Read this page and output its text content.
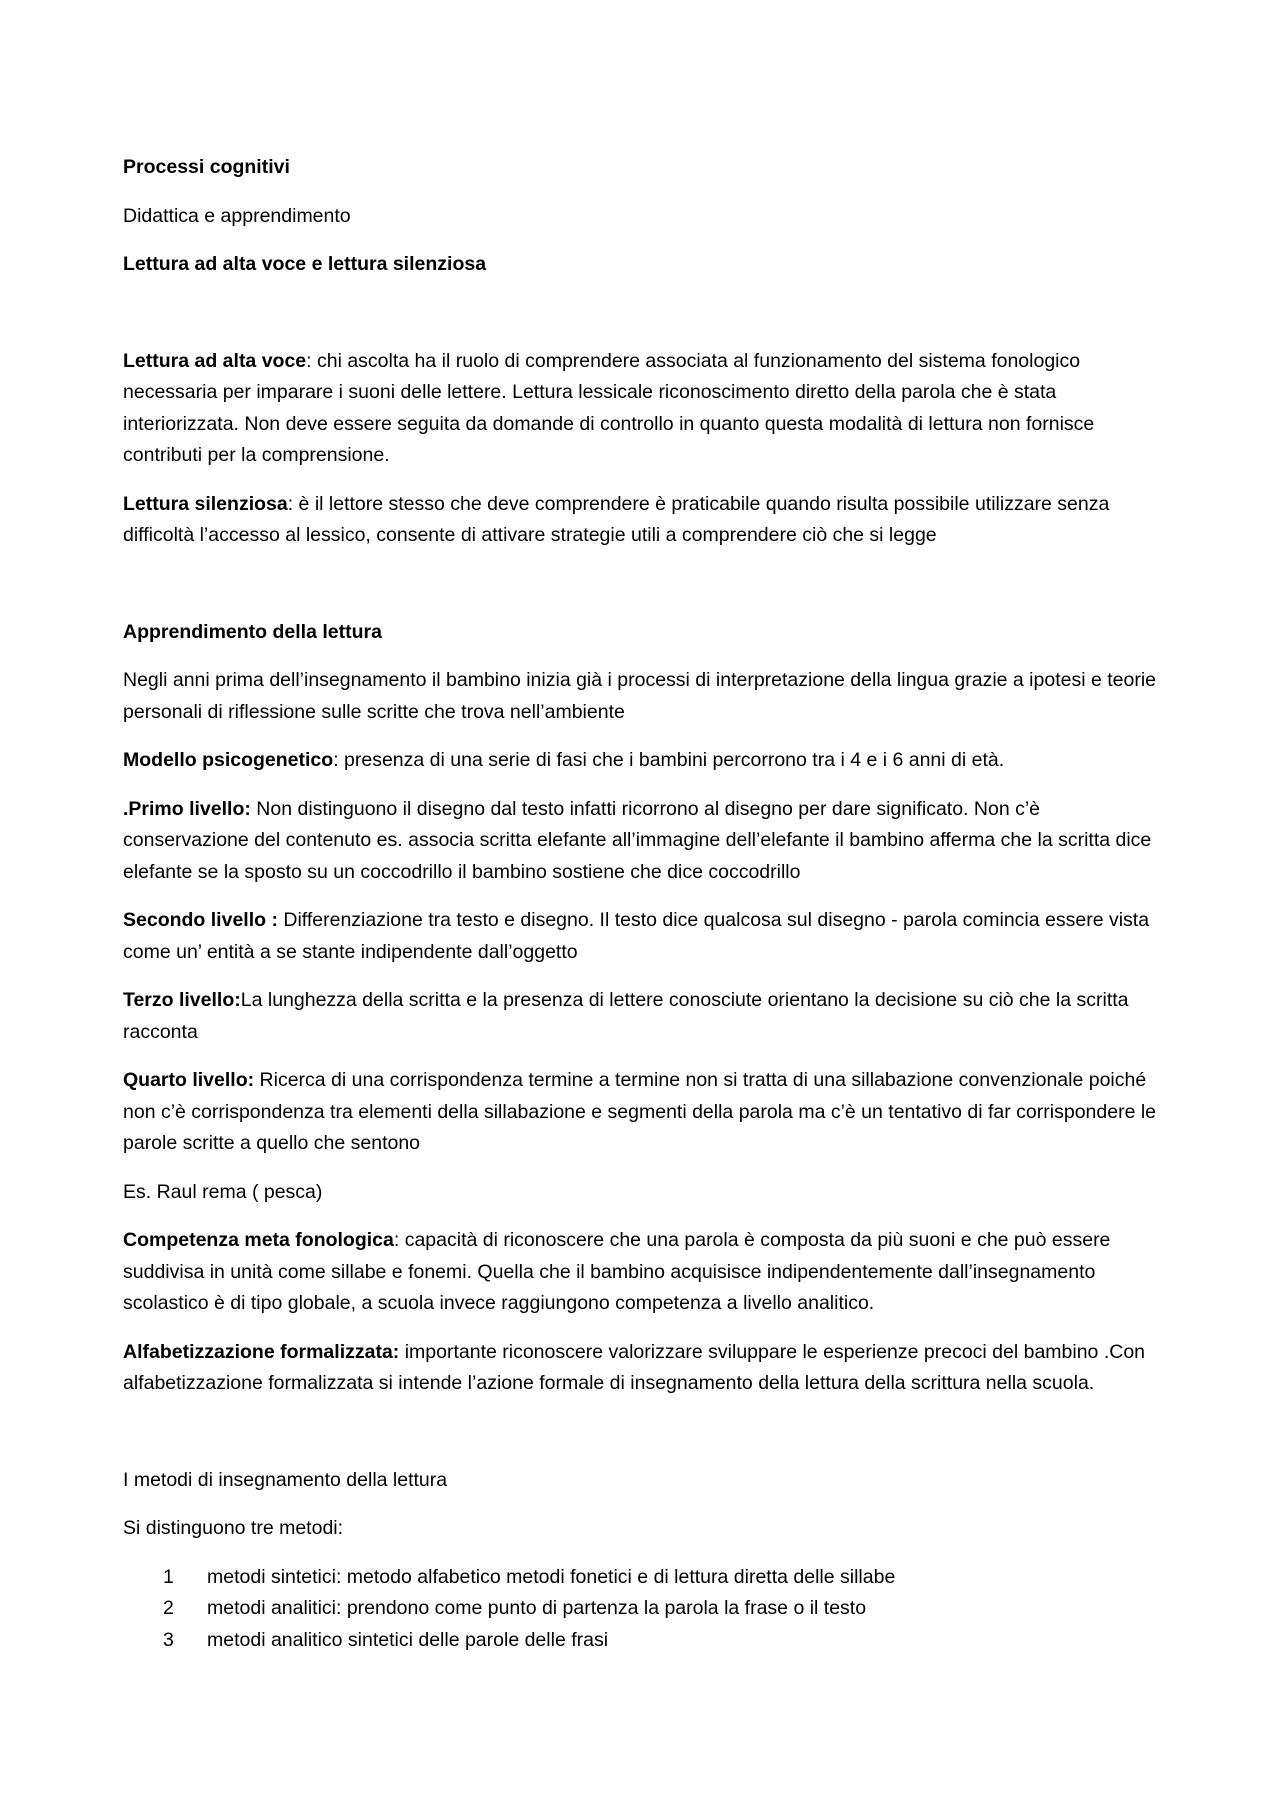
Processi cognitivi

Didattica e apprendimento

Lettura ad alta voce e lettura silenziosa

Lettura ad alta voce: chi ascolta ha il ruolo di comprendere associata al funzionamento del sistema fonologico necessaria per imparare i suoni delle lettere. Lettura lessicale riconoscimento diretto della parola che è stata interiorizzata. Non deve essere seguita da domande di controllo in quanto questa modalità di lettura non fornisce contributi per la comprensione.

Lettura silenziosa: è il lettore stesso che deve comprendere è praticabile quando risulta possibile utilizzare senza difficoltà l’accesso al lessico, consente di attivare strategie utili a comprendere ciò che si legge

Apprendimento della lettura

Negli anni prima dell’insegnamento il bambino inizia già i processi di interpretazione della lingua grazie a ipotesi e teorie personali di riflessione sulle scritte che trova nell’ambiente

Modello psicogenetico: presenza di una serie di fasi che i bambini percorrono tra i 4 e i 6 anni di età.

.Primo livello: Non distinguono il disegno dal testo infatti ricorrono al disegno per dare significato. Non c’è conservazione del contenuto es. associa scritta elefante all’immagine dell’elefante il bambino afferma che la scritta dice elefante se la sposto su un coccodrillo il bambino sostiene che dice coccodrillo

Secondo livello : Differenziazione tra testo e disegno. Il testo dice qualcosa sul disegno - parola comincia essere vista come un’ entità a se stante indipendente dall’oggetto

Terzo livello:La lunghezza della scritta e la presenza di lettere conosciute orientano la decisione su ciò che la scritta racconta

Quarto livello: Ricerca di una corrispondenza termine a termine non si tratta di una sillabazione convenzionale poiché non c’è corrispondenza tra elementi della sillabazione e segmenti della parola ma c’è un tentativo di far corrispondere le parole scritte a quello che sentono

Es. Raul rema ( pesca)

Competenza meta fonologica: capacità di riconoscere che una parola è composta da più suoni e che può essere suddivisa in unità come sillabe e fonemi. Quella che il bambino acquisisce indipendentemente dall’insegnamento scolastico è di tipo globale, a scuola invece raggiungono competenza a livello analitico.

Alfabetizzazione formalizzata: importante riconoscere valorizzare sviluppare le esperienze precoci del bambino .Con alfabetizzazione formalizzata si intende l’azione formale di insegnamento della lettura della scrittura nella scuola.

I metodi di insegnamento della lettura

Si distinguono tre metodi:

1	metodi sintetici: metodo alfabetico metodi fonetici e di lettura diretta delle sillabe
2	metodi analitici: prendono come punto di partenza la parola la frase o il testo
3	metodi analitico sintetici delle parole delle frasi
